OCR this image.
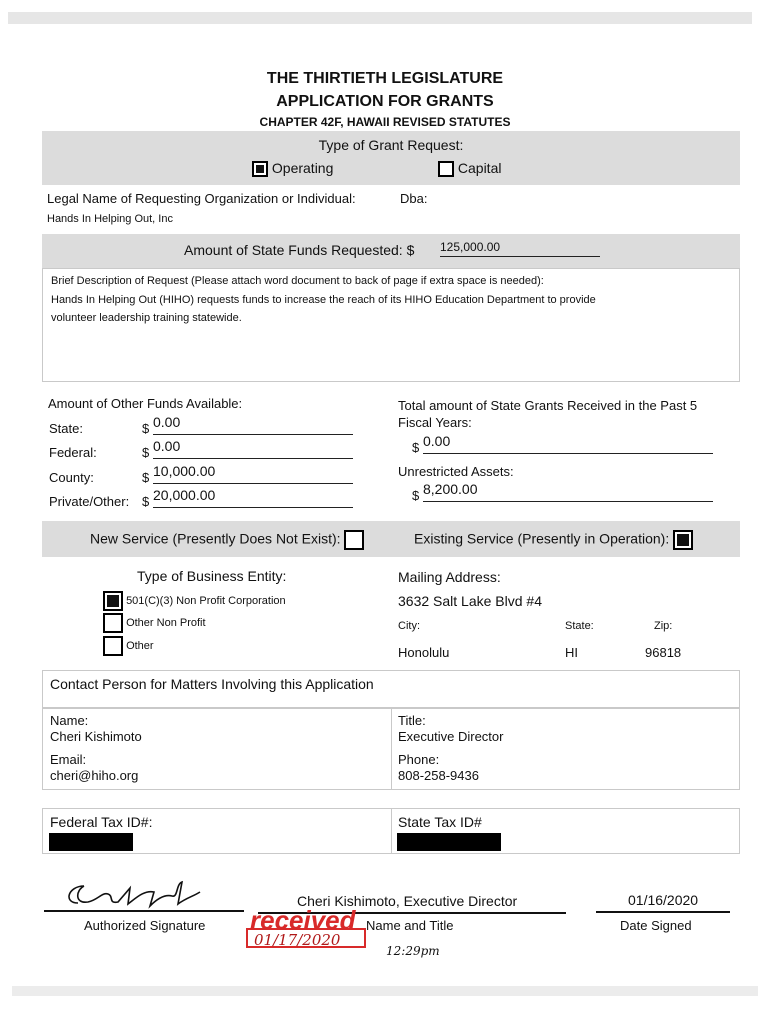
THE THIRTIETH LEGISLATURE
APPLICATION FOR GRANTS
CHAPTER 42F, HAWAII REVISED STATUTES
Type of Grant Request:
Operating	Capital
Legal Name of Requesting Organization or Individual:	Dba:
Hands In Helping Out, Inc
Amount of State Funds Requested: $ 125,000.00
Brief Description of Request (Please attach word document to back of page if extra space is needed):
Hands In Helping Out (HIHO) requests funds to increase the reach of its HIHO Education Department to provide
volunteer leadership training statewide.
Amount of Other Funds Available:
State:	$ 0.00
Federal:	$ 0.00
County:	$ 10,000.00
Private/Other: $ 20,000.00
Total amount of State Grants Received in the Past 5
Fiscal Years:
$ 0.00
Unrestricted Assets:
$ 8,200.00
New Service (Presently Does Not Exist):	Existing Service (Presently in Operation):
Type of Business Entity:
501(C)(3) Non Profit Corporation
Other Non Profit
Other
Mailing Address:
3632 Salt Lake Blvd #4
City:	State:	Zip:
Honolulu	HI	96818
Contact Person for Matters Involving this Application
Name:
Cheri Kishimoto
Email:
cheri@hiho.org
Title:
Executive Director
Phone:
808-258-9436
Federal Tax ID#:	State Tax ID#
Authorized Signature
Cheri Kishimoto, Executive Director
Name and Title
01/16/2020
Date Signed
received
01/17/2020
12:29pm
